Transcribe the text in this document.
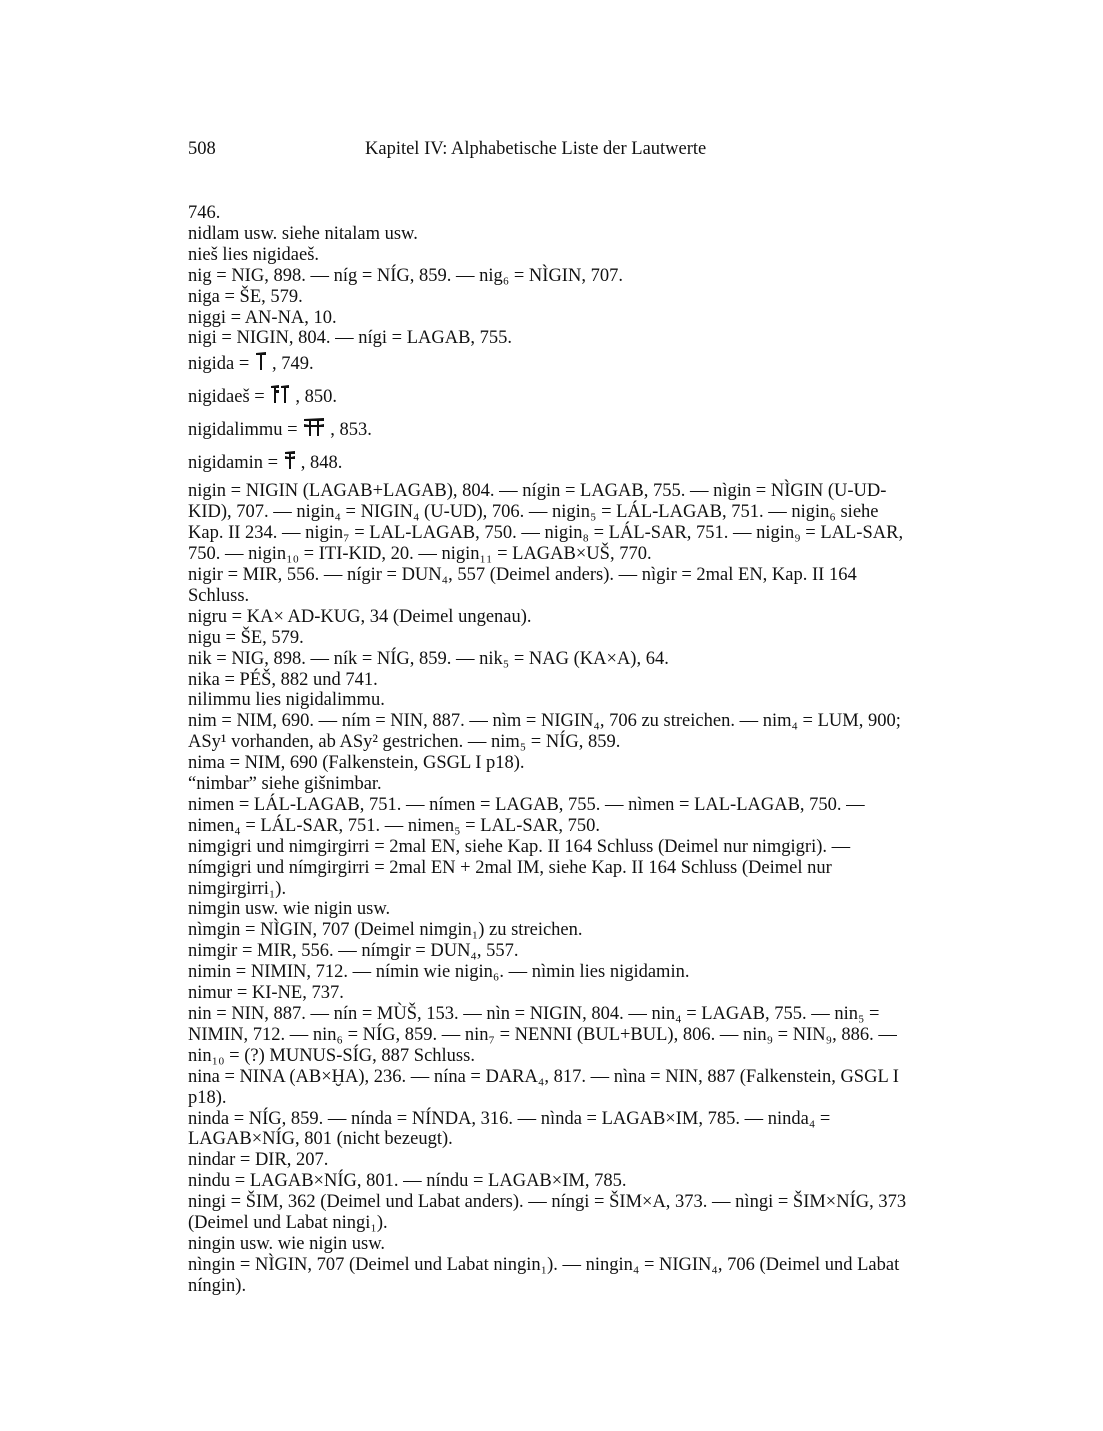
508	Kapitel IV: Alphabetische Liste der Lautwerte

746.

nidlam usw. siehe nitalam usw.

nieš lies nigidaeš.

nig = NIG, 898. — níg = NÍG, 859. — nig₆ = NÌGIN, 707.

niga = ŠE, 579.

niggi = AN-NA, 10.

nigi = NIGIN, 804. — nígi = LAGAB, 755.

nigida = , 749.

nigidaeš = , 850.

nigidalimmu = , 853.

nigidamin = , 848.

nigin = NIGIN (LAGAB+LAGAB), 804. — nígin = LAGAB, 755. — nìgin = NÌGIN (U-UD-KID), 707. — nigin₄ = NIGIN₄ (U-UD), 706. — nigin₅ = LÁL-LAGAB, 751. — nigin₆ siehe Kap. II 234. — nigin₇ = LAL-LAGAB, 750. — nigin₈ = LÁL-SAR, 751. — nigin₉ = LAL-SAR, 750. — nigin₁₀ = ITI-KID, 20. — nigin₁₁ = LAGAB×UŠ, 770.

nigir = MIR, 556. — nígir = DUN₄, 557 (Deimel anders). — nìgir = 2mal EN, Kap. II 164 Schluss.

nigru = KA× AD-KUG, 34 (Deimel ungenau).

nigu = ŠE, 579.

nik = NIG, 898. — ník = NÍG, 859. — nik₅ = NAG (KA×A), 64.

nika = PÉŠ, 882 und 741.

nilimmu lies nigidalimmu.

nim = NIM, 690. — ním = NIN, 887. — nìm = NIGIN₄, 706 zu streichen. — nim₄ = LUM, 900; ASy¹ vorhanden, ab ASy² gestrichen. — nim₅ = NÍG, 859.

nima = NIM, 690 (Falkenstein, GSGL I p18).

“nimbar” siehe gišnimbar.

nimen = LÁL-LAGAB, 751. — nímen = LAGAB, 755. — nìmen = LAL-LAGAB, 750. — nimen₄ = LÁL-SAR, 751. — nimen₅ = LAL-SAR, 750.

nimgigri und nimgirgirri = 2mal EN, siehe Kap. II 164 Schluss (Deimel nur nimgigri). — nímgigri und nímgirgirri = 2mal EN + 2mal IM, siehe Kap. II 164 Schluss (Deimel nur nimgirgirri₁).

nimgin usw. wie nigin usw.

nìmgin = NÌGIN, 707 (Deimel nimgin₁) zu streichen.

nimgir = MIR, 556. — nímgir = DUN₄, 557.

nimin = NIMIN, 712. — nímin wie nigin₆. — nìmin lies nigidamin.

nimur = KI-NE, 737.

nin = NIN, 887. — nín = MÙŠ, 153. — nìn = NIGIN, 804. — nin₄ = LAGAB, 755. — nin₅ = NIMIN, 712. — nin₆ = NÍG, 859. — nin₇ = NENNI (BUL+BUL), 806. — nin₉ = NIN₉, 886. — nin₁₀ = (?) MUNUS-SÍG, 887 Schluss.

nina = NINA (AB×ḪA), 236. — nína = DARA₄, 817. — nìna = NIN, 887 (Falkenstein, GSGL I p18).

ninda = NÍG, 859. — nínda = NÍNDA, 316. — nìnda = LAGAB×IM, 785. — ninda₄ = LAGAB×NÍG, 801 (nicht bezeugt).

nindar = DIR, 207.

nindu = LAGAB×NÍG, 801. — níndu = LAGAB×IM, 785.

ningi = ŠIM, 362 (Deimel und Labat anders). — níngi = ŠIM×A, 373. — nìngi = ŠIM×NÍG, 373 (Deimel und Labat ningi₁).

ningin usw. wie nigin usw.

nìngin = NÌGIN, 707 (Deimel und Labat ningin₁). — ningin₄ = NIGIN₄, 706 (Deimel und Labat níngin).
